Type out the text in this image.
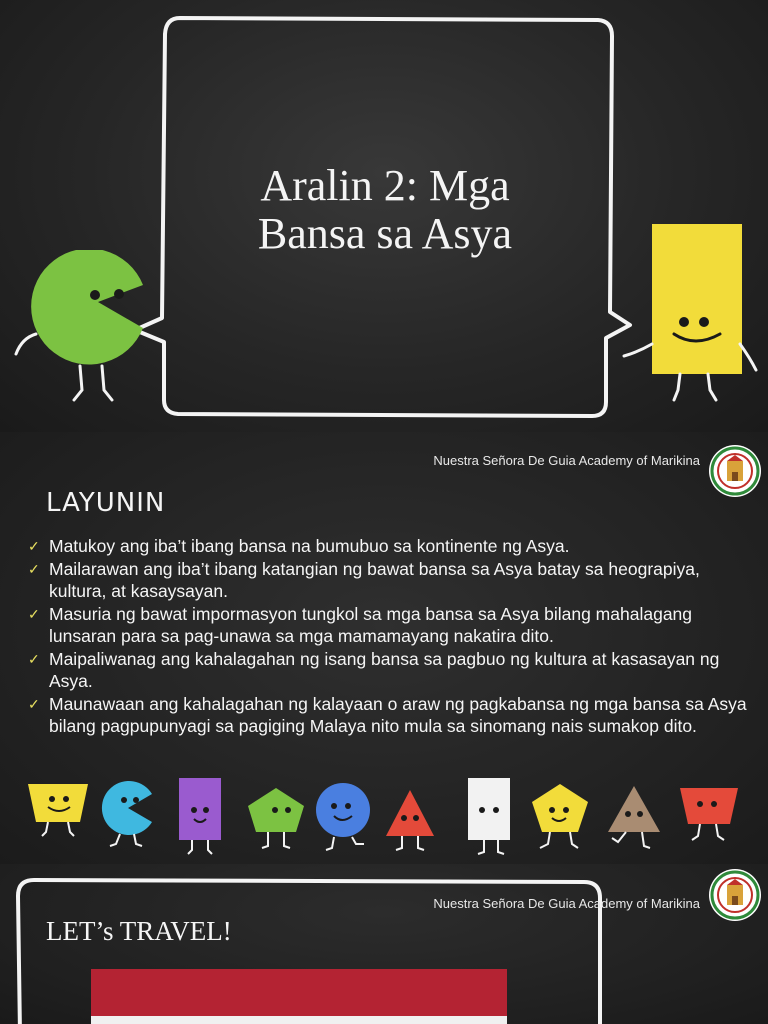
Aralin 2: Mga
Bansa sa Asya
Nuestra Señora De Guia Academy of Marikina
LAYUNIN
✓ Matukoy ang iba’t ibang bansa na bumubuo sa kontinente ng Asya.
✓ Mailarawan ang iba’t ibang katangian ng bawat bansa sa Asya batay sa heograpiya, kultura, at kasaysayan.
✓ Masuria ng bawat impormasyon tungkol sa mga bansa sa Asya bilang mahalagang lunsaran para sa pag-unawa sa mga mamamayang nakatira dito.
✓ Maipaliwanag ang kahalagahan ng isang bansa sa pagbuo ng kultura at kasasayan ng Asya.
✓ Maunawaan ang kahalagahan ng kalayaan o araw ng pagkabansa ng mga bansa sa Asya bilang pagpupunyagi sa pagiging Malaya nito mula sa sinomang nais sumakop dito.
Nuestra Señora De Guia Academy of Marikina
LET’s TRAVEL!
